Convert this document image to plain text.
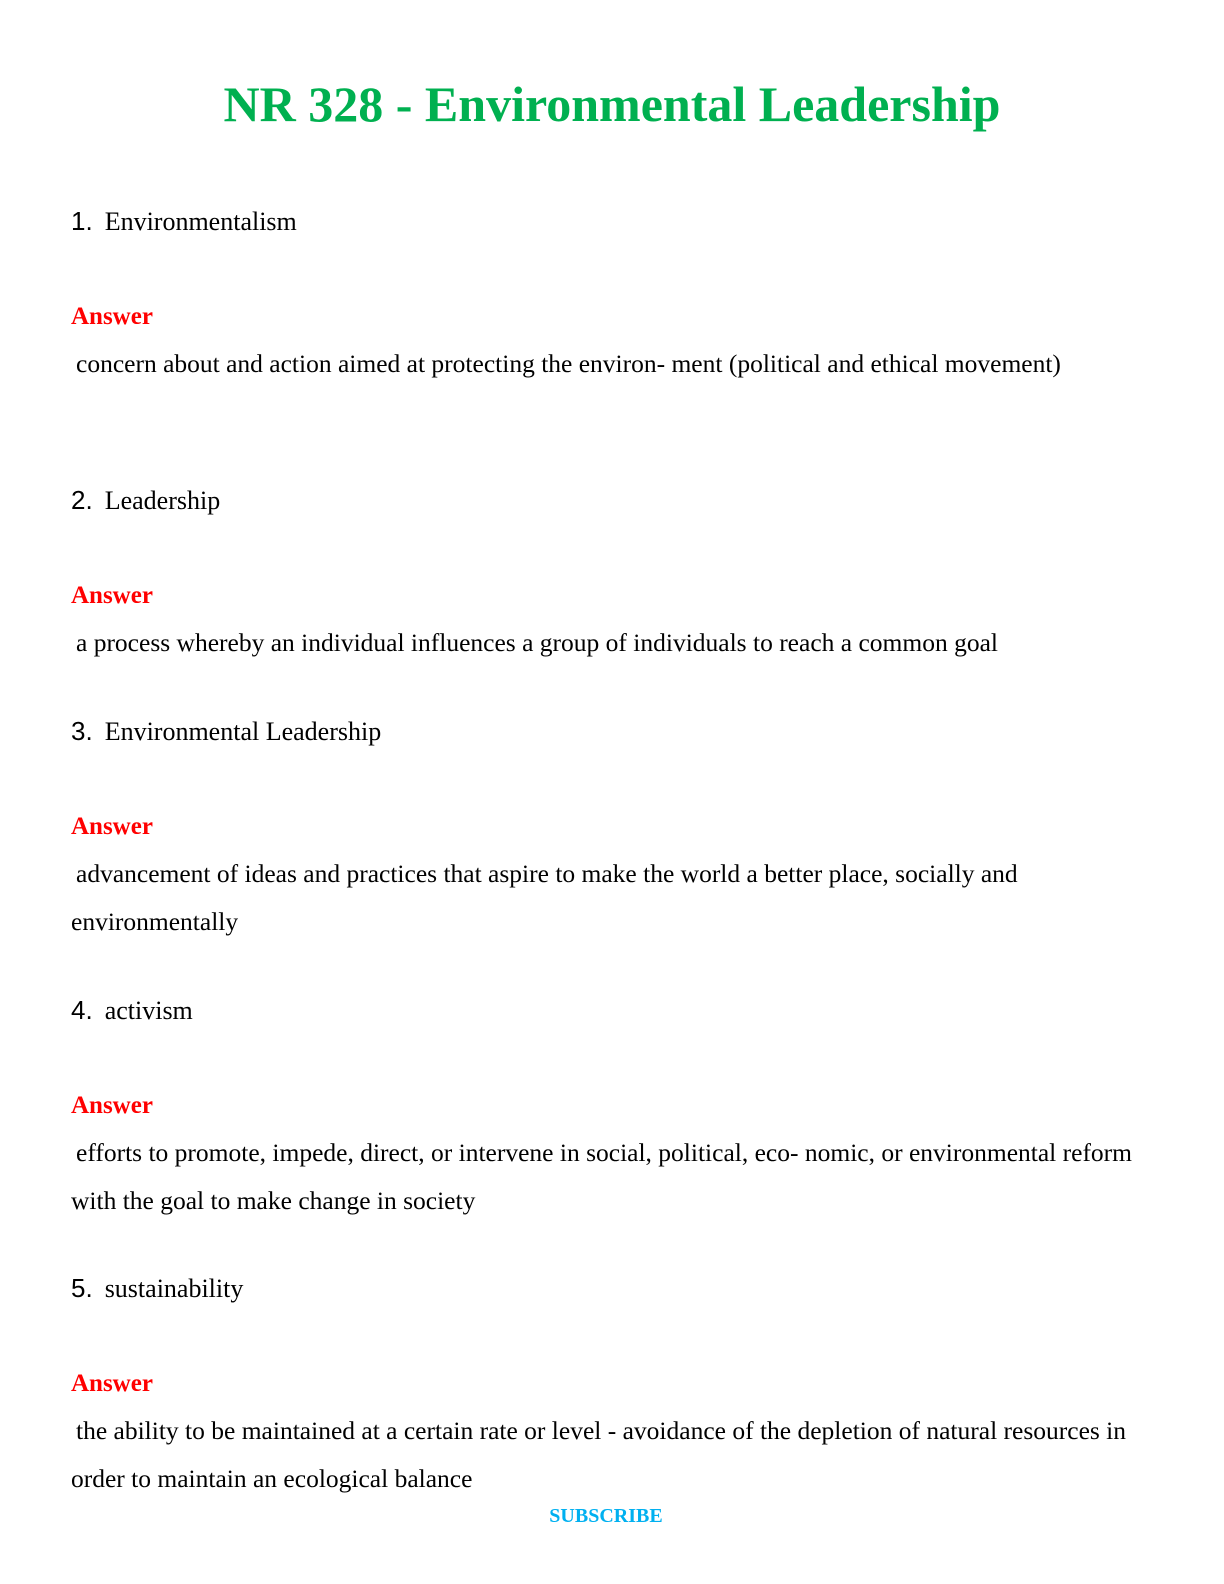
NR 328 - Environmental Leadership
1. Environmentalism
Answer
concern about and action aimed at protecting the environ- ment (political and ethical movement)
2. Leadership
Answer
a process whereby an individual influences a group of individuals to reach a common goal
3. Environmental Leadership
Answer
advancement of ideas and practices that aspire to make the world a better place, socially and environmentally
4. activism
Answer
efforts to promote, impede, direct, or intervene in social, political, eco- nomic, or environmental reform with the goal to make change in society
5. sustainability
Answer
the ability to be maintained at a certain rate or level - avoidance of the depletion of natural resources in order to maintain an ecological balance
SUBSCRIBE
